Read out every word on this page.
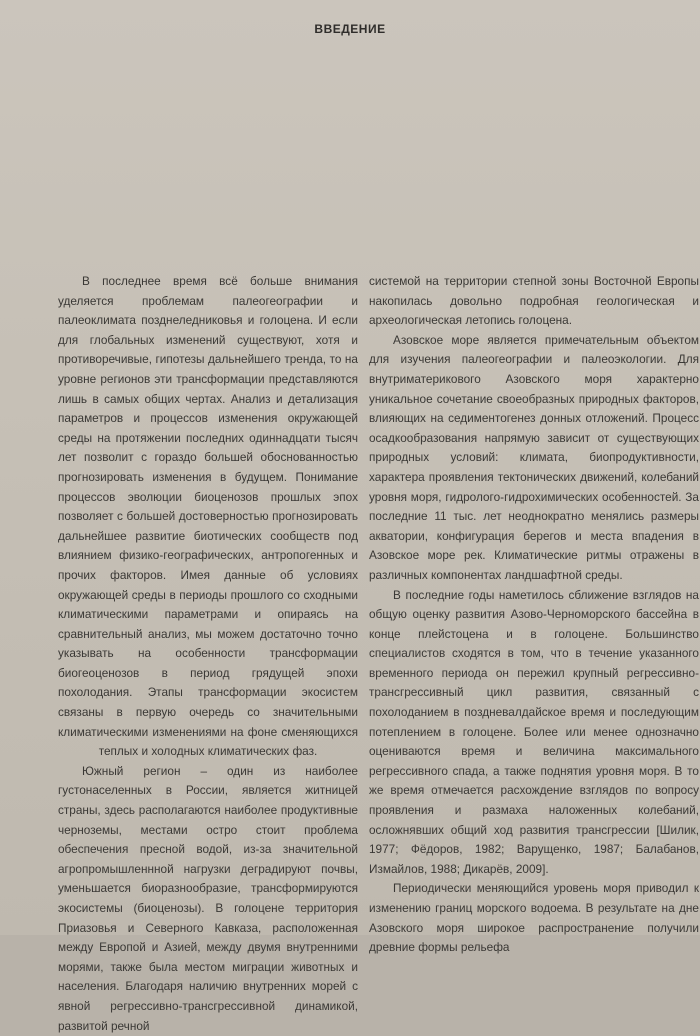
ВВЕДЕНИЕ

В последнее время всё больше внимания уделяется проблемам палеогеографии и палеоклимата позднеледниковья и голоцена. И если для глобальных изменений существуют, хотя и противоречивые, гипотезы дальнейшего тренда, то на уровне регионов эти трансформации представляются лишь в самых общих чертах. Анализ и детализация параметров и процессов изменения окружающей среды на протяжении последних одиннадцати тысяч лет позволит с гораздо большей обоснованностью прогнозировать изменения в будущем. Понимание процессов эволюции биоценозов прошлых эпох позволяет с большей достоверностью прогнозировать дальнейшее развитие биотических сообществ под влиянием физико-географических, антропогенных и прочих факторов. Имея данные об условиях окружающей среды в периоды прошлого со сходными климатическими параметрами и опираясь на сравнительный анализ, мы можем достаточно точно указывать на особенности трансформации биогеоценозов в период грядущей эпохи похолодания. Этапы трансформации экосистем связаны в первую очередь со значительными климатическими изменениями на фоне сменяющихся теплых и холодных климатических фаз.

Южный регион – один из наиболее густонаселенных в России, является житницей страны, здесь располагаются наиболее продуктивные черноземы, местами остро стоит проблема обеспечения пресной водой, из-за значительной агропромышленнной нагрузки деградируют почвы, уменьшается биоразнообразие, трансформируются экосистемы (биоценозы). В голоцене территория Приазовья и Северного Кавказа, расположенная между Европой и Азией, между двумя внутренними морями, также была местом миграции животных и населения. Благодаря наличию внутренних морей с явной регрессивно-трансгрессивной динамикой, развитой речной

системой на территории степной зоны Восточной Европы накопилась довольно подробная геологическая и археологическая летопись голоцена.

Азовское море является примечательным объектом для изучения палеогеографии и палеоэкологии. Для внутриматерикового Азовского моря характерно уникальное сочетание своеобразных природных факторов, влияющих на седиментогенез донных отложений. Процесс осадкообразования напрямую зависит от существующих природных условий: климата, биопродуктивности, характера проявления тектонических движений, колебаний уровня моря, гидролого-гидрохимических особенностей. За последние 11 тыс. лет неоднократно менялись размеры акватории, конфигурация берегов и места впадения в Азовское море рек. Климатические ритмы отражены в различных компонентах ландшафтной среды.

В последние годы наметилось сближение взглядов на общую оценку развития Азово-Черноморского бассейна в конце плейстоцена и в голоцене. Большинство специалистов сходятся в том, что в течение указанного временного периода он пережил крупный регрессивно-трансгрессивный цикл развития, связанный с похолоданием в поздневалдайское время и последующим потеплением в голоцене. Более или менее однозначно оцениваются время и величина максимального регрессивного спада, а также поднятия уровня моря. В то же время отмечается расхождение взглядов по вопросу проявления и размаха наложенных колебаний, осложнявших общий ход развития трансгрессии [Шилик, 1977; Фёдоров, 1982; Варущенко, 1987; Балабанов, Измайлов, 1988; Дикарёв, 2009].

Периодически меняющийся уровень моря приводил к изменению границ морского водоема. В результате на дне Азовского моря широкое распространение получили древние формы рельефа
